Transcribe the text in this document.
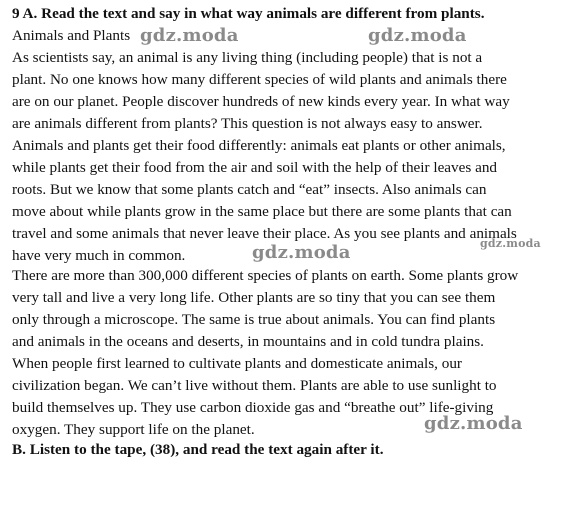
9 A. Read the text and say in what way animals are different from plants.
Animals and Plants
As scientists say, an animal is any living thing (including people) that is not a
plant. No one knows how many different species of wild plants and animals there
are on our planet. People discover hundreds of new kinds every year. In what way
are animals different from plants? This question is not always easy to answer.
Animals and plants get their food differently: animals eat plants or other animals,
while plants get their food from the air and soil with the help of their leaves and
roots. But we know that some plants catch and “eat” insects. Also animals can
move about while plants grow in the same place but there are some plants that can
travel and some animals that never leave their place. As you see plants and animals
have very much in common.
There are more than 300,000 different species of plants on earth. Some plants grow
very tall and live a very long life. Other plants are so tiny that you can see them
only through a microscope. The same is true about animals. You can find plants
and animals in the oceans and deserts, in mountains and in cold tundra plains.
When people first learned to cultivate plants and domesticate animals, our
civilization began. We can’t live without them. Plants are able to use sunlight to
build themselves up. They use carbon dioxide gas and “breathe out” life-giving
oxygen. They support life on the planet.
B. Listen to the tape, (38), and read the text again after it.
gdz.moda	gdz.moda
gdz.moda	gdz.moda
gdz.moda
